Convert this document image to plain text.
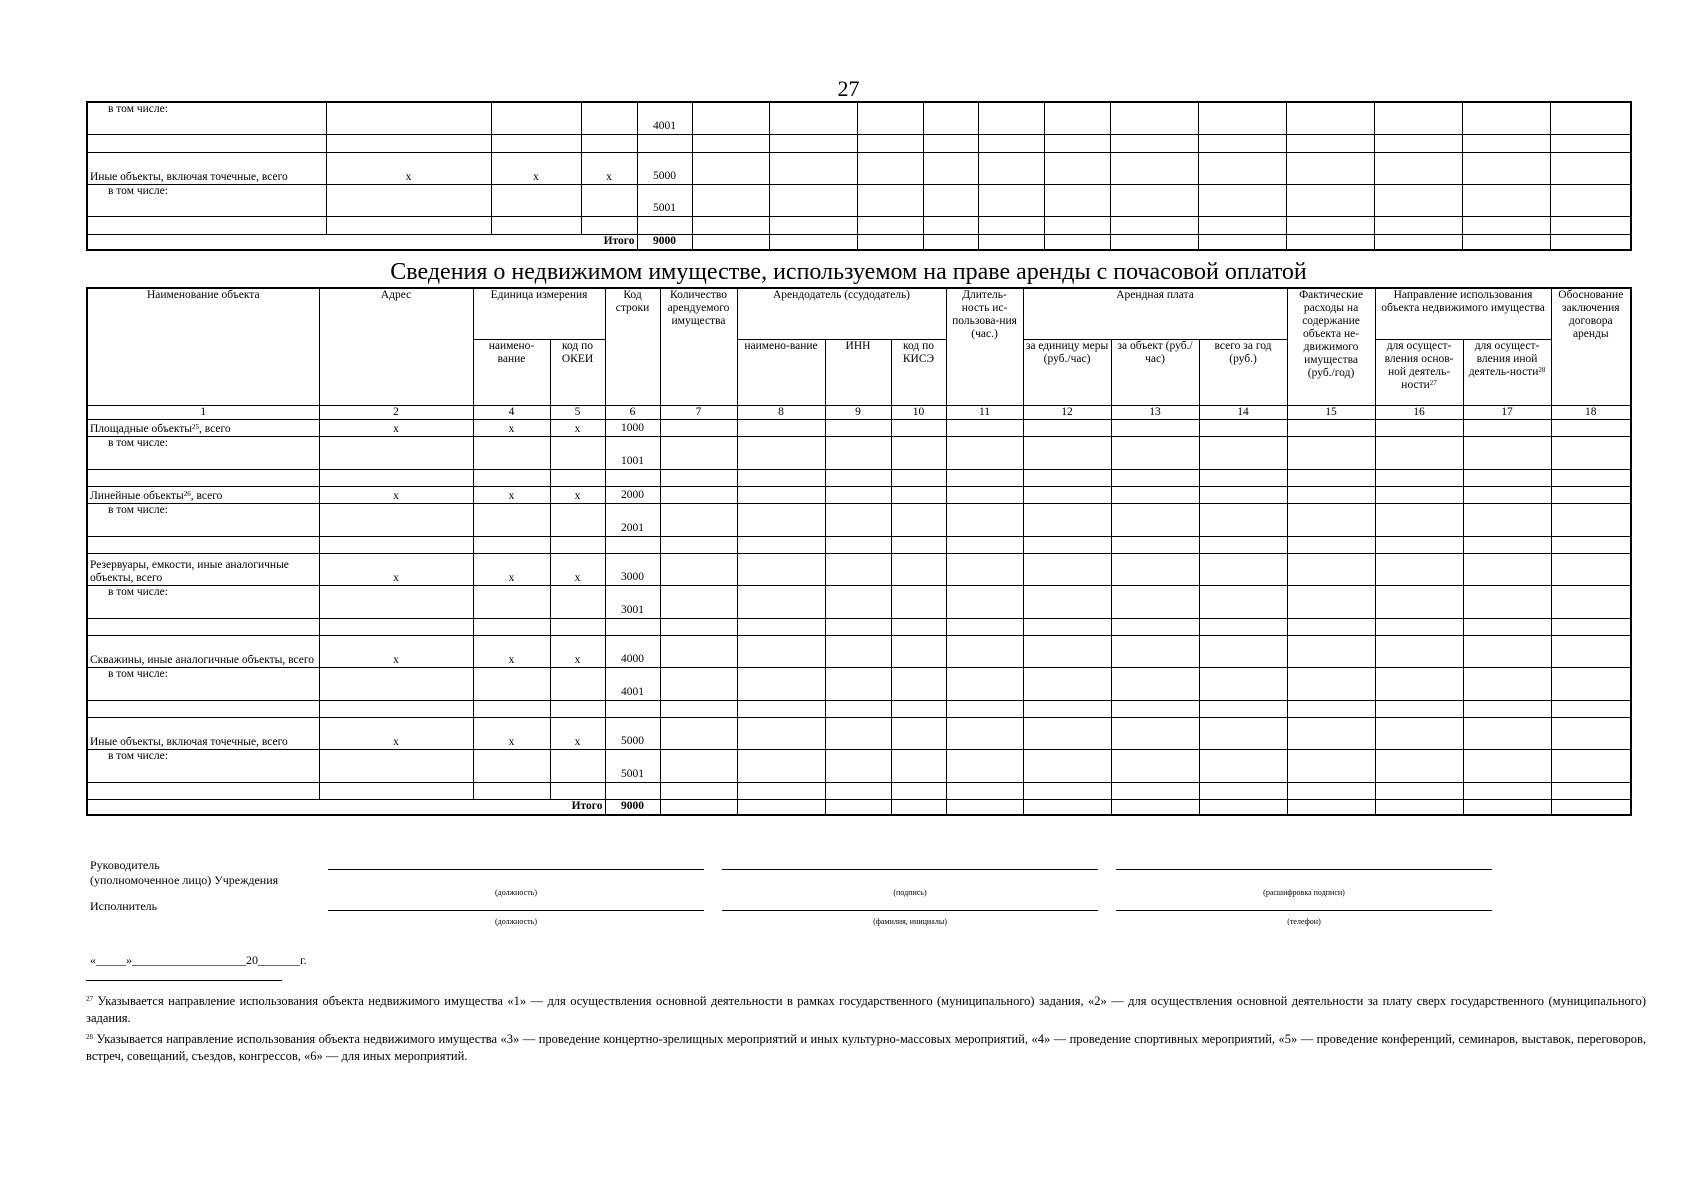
27
в том числе:				4001												

Иные объекты, включая точечные, всего	х	х	х	5000												
в том числе:				5001												

Итого				9000												
Сведения о недвижимом имуществе, используемом на праве аренды с почасовой оплатой
Наименование объекта	Адрес	Единица измерения		Код строки	Количество арендуемого имущества	Арендодатель (ссудодатель)			Длитель-ность ис-пользова-ния (час.)	Арендная плата			Фактические расходы на содержание объекта не-движимого имущества (руб./год)	Направление использования объекта недвижимого имущества		Обоснование заключения договора аренды
		наимено-вание	код по ОКЕИ			наимено-вание	ИНН	код по КИСЭ		за единицу меры (руб./час)	за объект (руб./час)	всего за год (руб.)		для осущест-вления основ-ной деятель-ности$^{27}$	для осущест-вления иной деятель-ности$^{28}$
1	2	4	5	6	7	8	9	10	11	12	13	14	15	16	17	18
Площадные объекты$^{25}$, всего	х	х	х	1000												
в том числе:				1001												

Линейные объекты$^{26}$, всего	х	х	х	2000												
в том числе:				2001												

Резервуары, емкости, иные аналогичные объекты, всего	х	х	х	3000												
в том числе:				3001												

Скважины, иные аналогичные объекты, всего	х	х	х	4000												
в том числе:				4001												

Иные объекты, включая точечные, всего	х	х	х	5000												
в том числе:				5001												

Итого				9000												
Руководитель
(уполномоченное лицо) Учреждения
(должность)	(подпись)	(расшифровка подписи)
Исполнитель
(должность)	(фамилия, инициалы)	(телефон)
«_____»___________________20_______г.
$^{27}$ Указывается направление использования объекта недвижимого имущества «1» — для осуществления основной деятельности в рамках государственного (муниципального) задания, «2» — для осуществления основной деятельности за плату сверх государственного (муниципального) задания.
$^{28}$ Указывается направление использования объекта недвижимого имущества «3» — проведение концертно-зрелищных мероприятий и иных культурно-массовых мероприятий, «4» — проведение спортивных мероприятий, «5» — проведение конференций, семинаров, выставок, переговоров, встреч, совещаний, съездов, конгрессов, «6» — для иных мероприятий.
